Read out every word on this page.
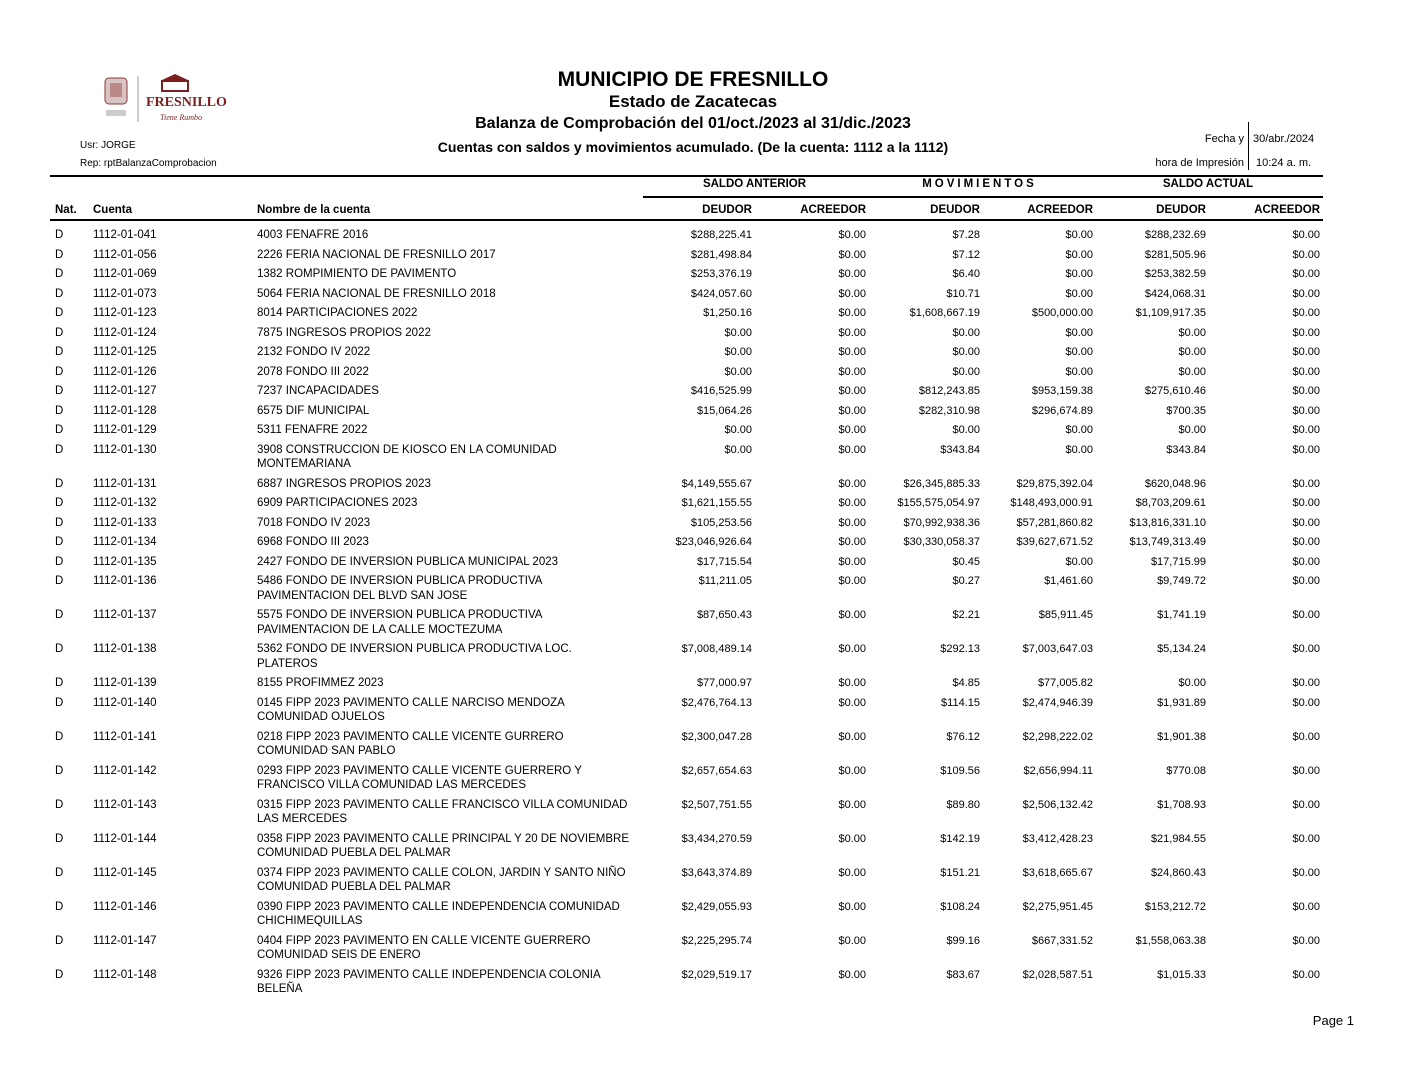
FRESNILLO
Tiene Rumbo
MUNICIPIO DE FRESNILLO
Estado de Zacatecas
Balanza de Comprobación del 01/oct./2023 al 31/dic./2023
Cuentas con saldos y movimientos acumulado. (De la cuenta: 1112 a la 1112)
Usr: JORGE
Rep: rptBalanzaComprobacion
Fecha y 30/abr./2024
hora de Impresión 10:24 a. m.
SALDO ANTERIOR	MOVIMIENTOS	SALDO ACTUAL
Nat.	Cuenta	Nombre de la cuenta	DEUDOR	ACREEDOR	DEUDOR	ACREEDOR	DEUDOR	ACREEDOR
D	1112-01-041	4003 FENAFRE 2016	$288,225.41	$0.00	$7.28	$0.00	$288,232.69	$0.00
D	1112-01-056	2226 FERIA NACIONAL DE FRESNILLO 2017	$281,498.84	$0.00	$7.12	$0.00	$281,505.96	$0.00
D	1112-01-069	1382 ROMPIMIENTO DE PAVIMENTO	$253,376.19	$0.00	$6.40	$0.00	$253,382.59	$0.00
D	1112-01-073	5064 FERIA NACIONAL DE FRESNILLO 2018	$424,057.60	$0.00	$10.71	$0.00	$424,068.31	$0.00
D	1112-01-123	8014 PARTICIPACIONES 2022	$1,250.16	$0.00	$1,608,667.19	$500,000.00	$1,109,917.35	$0.00
D	1112-01-124	7875 INGRESOS PROPIOS 2022	$0.00	$0.00	$0.00	$0.00	$0.00	$0.00
D	1112-01-125	2132 FONDO IV 2022	$0.00	$0.00	$0.00	$0.00	$0.00	$0.00
D	1112-01-126	2078 FONDO III 2022	$0.00	$0.00	$0.00	$0.00	$0.00	$0.00
D	1112-01-127	7237 INCAPACIDADES	$416,525.99	$0.00	$812,243.85	$953,159.38	$275,610.46	$0.00
D	1112-01-128	6575 DIF MUNICIPAL	$15,064.26	$0.00	$282,310.98	$296,674.89	$700.35	$0.00
D	1112-01-129	5311 FENAFRE 2022	$0.00	$0.00	$0.00	$0.00	$0.00	$0.00
D	1112-01-130	3908 CONSTRUCCION DE KIOSCO EN LA COMUNIDAD MONTEMARIANA	$0.00	$0.00	$343.84	$0.00	$343.84	$0.00
D	1112-01-131	6887 INGRESOS PROPIOS 2023	$4,149,555.67	$0.00	$26,345,885.33	$29,875,392.04	$620,048.96	$0.00
D	1112-01-132	6909 PARTICIPACIONES 2023	$1,621,155.55	$0.00	$155,575,054.97	$148,493,000.91	$8,703,209.61	$0.00
D	1112-01-133	7018 FONDO IV 2023	$105,253.56	$0.00	$70,992,938.36	$57,281,860.82	$13,816,331.10	$0.00
D	1112-01-134	6968 FONDO III 2023	$23,046,926.64	$0.00	$30,330,058.37	$39,627,671.52	$13,749,313.49	$0.00
D	1112-01-135	2427 FONDO DE INVERSION PUBLICA MUNICIPAL 2023	$17,715.54	$0.00	$0.45	$0.00	$17,715.99	$0.00
D	1112-01-136	5486 FONDO DE INVERSION PUBLICA PRODUCTIVA PAVIMENTACION DEL BLVD SAN JOSE	$11,211.05	$0.00	$0.27	$1,461.60	$9,749.72	$0.00
D	1112-01-137	5575 FONDO DE INVERSION PUBLICA PRODUCTIVA PAVIMENTACION DE LA CALLE MOCTEZUMA	$87,650.43	$0.00	$2.21	$85,911.45	$1,741.19	$0.00
D	1112-01-138	5362 FONDO DE INVERSION PUBLICA PRODUCTIVA LOC. PLATEROS	$7,008,489.14	$0.00	$292.13	$7,003,647.03	$5,134.24	$0.00
D	1112-01-139	8155 PROFIMMEZ 2023	$77,000.97	$0.00	$4.85	$77,005.82	$0.00	$0.00
D	1112-01-140	0145 FIPP 2023 PAVIMENTO CALLE NARCISO MENDOZA COMUNIDAD OJUELOS	$2,476,764.13	$0.00	$114.15	$2,474,946.39	$1,931.89	$0.00
D	1112-01-141	0218 FIPP 2023 PAVIMENTO CALLE VICENTE GURRERO COMUNIDAD SAN PABLO	$2,300,047.28	$0.00	$76.12	$2,298,222.02	$1,901.38	$0.00
D	1112-01-142	0293 FIPP 2023 PAVIMENTO CALLE VICENTE GUERRERO Y FRANCISCO VILLA COMUNIDAD LAS MERCEDES	$2,657,654.63	$0.00	$109.56	$2,656,994.11	$770.08	$0.00
D	1112-01-143	0315 FIPP 2023 PAVIMENTO CALLE FRANCISCO VILLA COMUNIDAD LAS MERCEDES	$2,507,751.55	$0.00	$89.80	$2,506,132.42	$1,708.93	$0.00
D	1112-01-144	0358 FIPP 2023 PAVIMENTO CALLE PRINCIPAL Y 20 DE NOVIEMBRE COMUNIDAD PUEBLA DEL PALMAR	$3,434,270.59	$0.00	$142.19	$3,412,428.23	$21,984.55	$0.00
D	1112-01-145	0374 FIPP 2023 PAVIMENTO CALLE COLON, JARDIN Y SANTO NIÑO COMUNIDAD PUEBLA DEL PALMAR	$3,643,374.89	$0.00	$151.21	$3,618,665.67	$24,860.43	$0.00
D	1112-01-146	0390 FIPP 2023 PAVIMENTO CALLE INDEPENDENCIA COMUNIDAD CHICHIMEQUILLAS	$2,429,055.93	$0.00	$108.24	$2,275,951.45	$153,212.72	$0.00
D	1112-01-147	0404 FIPP 2023 PAVIMENTO EN CALLE VICENTE GUERRERO COMUNIDAD SEIS DE ENERO	$2,225,295.74	$0.00	$99.16	$667,331.52	$1,558,063.38	$0.00
D	1112-01-148	9326 FIPP 2023 PAVIMENTO CALLE INDEPENDENCIA COLONIA BELEÑA	$2,029,519.17	$0.00	$83.67	$2,028,587.51	$1,015.33	$0.00
Page 1
